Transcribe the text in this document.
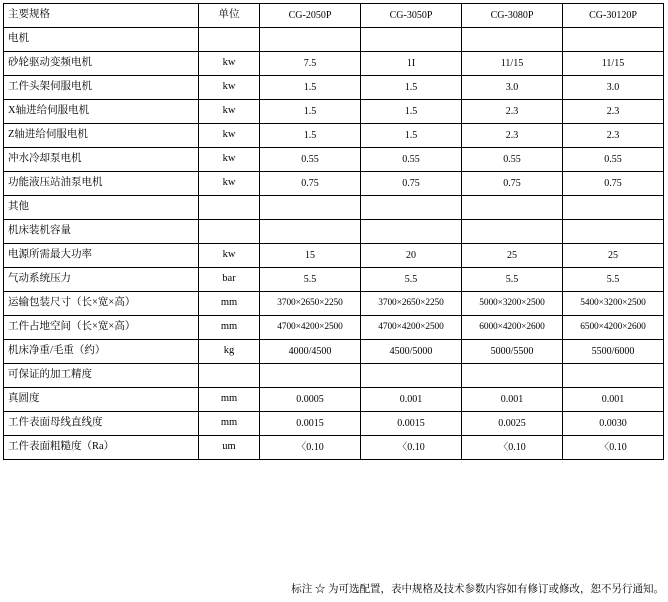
主要规格	单位	CG-2050P	CG-3050P	CG-3080P	CG-30120P
电机					
砂轮驱动变频电机	kw	7.5	1I	11/15	11/15
工件头架伺服电机	kw	1.5	1.5	3.0	3.0
X轴进给伺服电机	kw	1.5	1.5	2.3	2.3
Z轴进给伺服电机	kw	1.5	1.5	2.3	2.3
冲水冷却泵电机	kw	0.55	0.55	0.55	0.55
功能液压站油泵电机	kw	0.75	0.75	0.75	0.75
其他					
机床装机容量					
电源所需最大功率	kw	15	20	25	25
气动系统压力	bar	5.5	5.5	5.5	5.5
运输包装尺寸（长×宽×高）	mm	3700×2650×2250	3700×2650×2250	5000×3200×2500	5400×3200×2500
工件占地空间（长×宽×高）	mm	4700×4200×2500	4700×4200×2500	6000×4200×2600	6500×4200×2600
机床净重/毛重（约）	kg	4000/4500	4500/5000	5000/5500	5500/6000
可保证的加工精度					
真圆度	mm	0.0005	0.001	0.001	0.001
工件表面母线直线度	mm	0.0015	0.0015	0.0025	0.0030
工件表面粗糙度（Ra）	um	〈0.10	〈0.10	〈0.10	〈0.10
标注 ☆ 为可选配置，表中规格及技术参数内容如有修订或修改，恕不另行通知。
